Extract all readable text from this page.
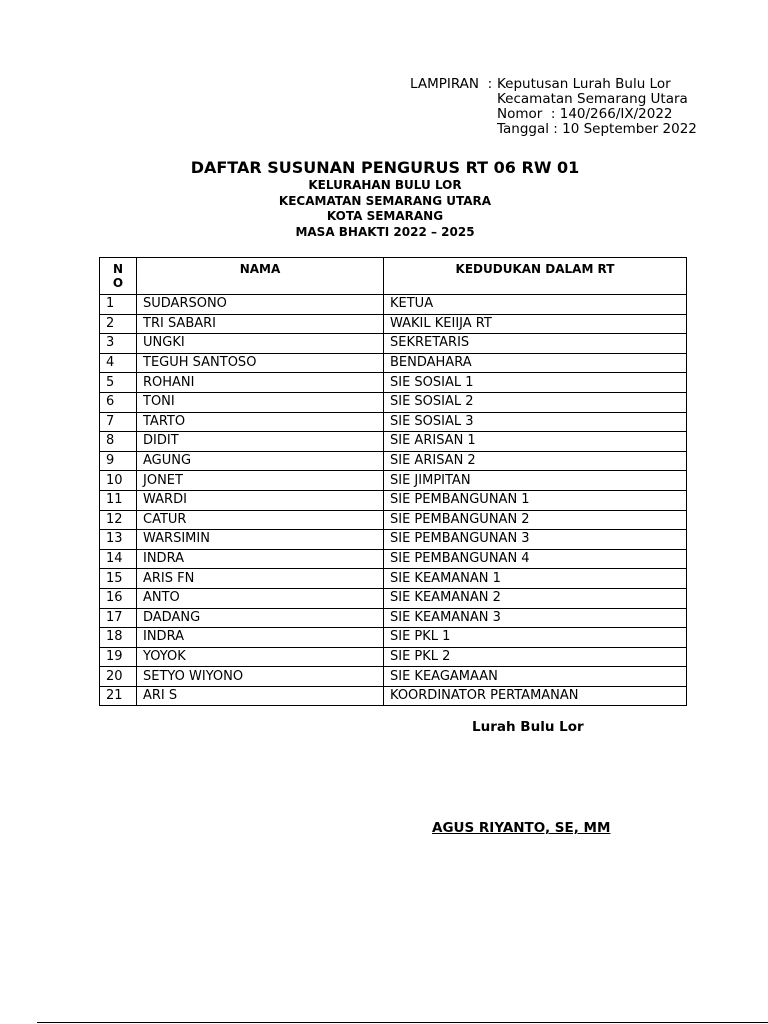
LAMPIRAN : Keputusan Lurah Bulu Lor
Kecamatan Semarang Utara
Nomor  : 140/266/IX/2022
Tanggal : 10 September 2022
DAFTAR SUSUNAN PENGURUS RT 06 RW 01
KELURAHAN BULU LOR
KECAMATAN SEMARANG UTARA
KOTA SEMARANG
MASA BHAKTI 2022 – 2025
N
O	NAMA	KEDUDUKAN DALAM RT
1	SUDARSONO	KETUA
2	TRI SABARI	WAKIL KEIIJA RT
3	UNGKI	SEKRETARIS
4	TEGUH SANTOSO	BENDAHARA
5	ROHANI	SIE SOSIAL 1
6	TONI	SIE SOSIAL 2
7	TARTO	SIE SOSIAL 3
8	DIDIT	SIE ARISAN 1
9	AGUNG	SIE ARISAN 2
10	JONET	SIE JIMPITAN
11	WARDI	SIE PEMBANGUNAN 1
12	CATUR	SIE PEMBANGUNAN 2
13	WARSIMIN	SIE PEMBANGUNAN 3
14	INDRA	SIE PEMBANGUNAN 4
15	ARIS FN	SIE KEAMANAN 1
16	ANTO	SIE KEAMANAN 2
17	DADANG	SIE KEAMANAN 3
18	INDRA	SIE PKL 1
19	YOYOK	SIE PKL 2
20	SETYO WIYONO	SIE KEAGAMAAN
21	ARI S	KOORDINATOR PERTAMANAN
Lurah Bulu Lor
AGUS RIYANTO, SE, MM
